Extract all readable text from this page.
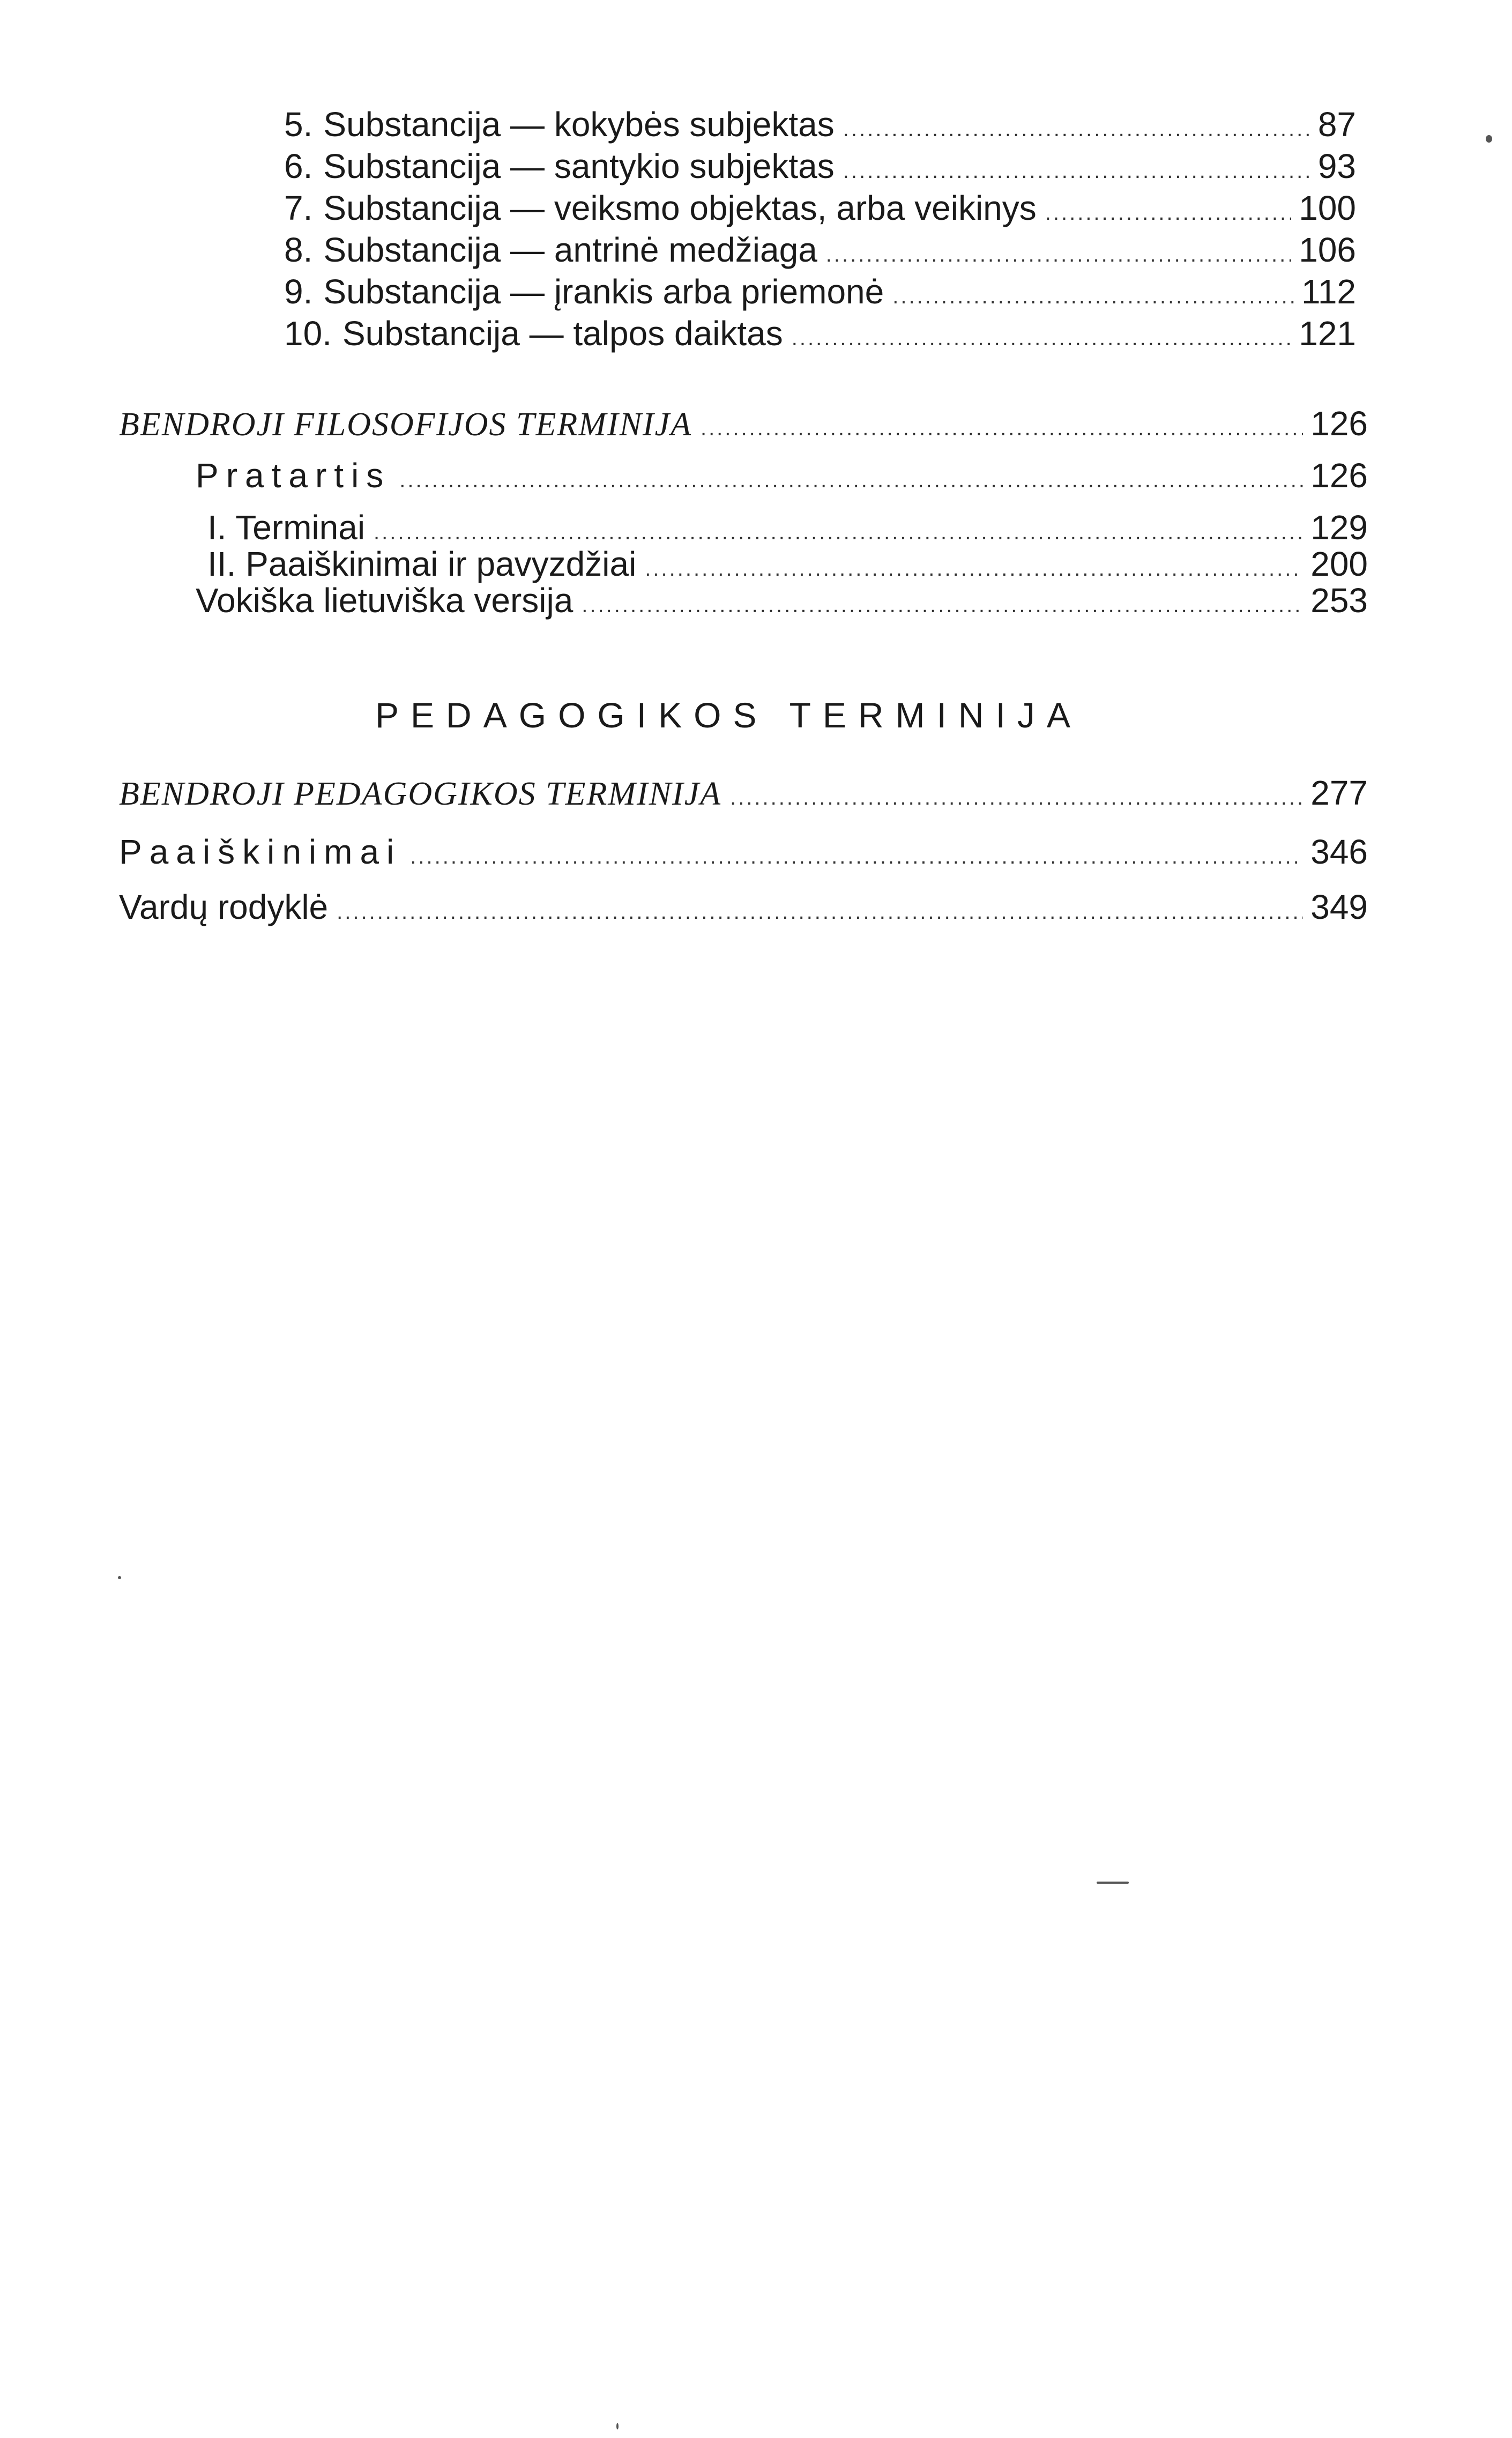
5. Substancija — kokybės subjektas .....	87
6. Substancija — santykio subjektas .....	93
7. Substancija — veiksmo objektas, arba veikinys .....	100
8. Substancija — antrinė medžiaga .....	106
9. Substancija — įrankis arba priemonė .....	112
10. Substancija — talpos daiktas .....	121
BENDROJI FILOSOFIJOS TERMINIJA .....	126
Pratartis .....	126
I. Terminai .....	129
II. Paaiškinimai ir pavyzdžiai .....	200
Vokiška lietuviška versija .....	253
PEDAGOGIKOS TERMINIJA
BENDROJI PEDAGOGIKOS TERMINIJA .....	277
Paaiškinimai .....	346
Vardų rodyklė .....	349
